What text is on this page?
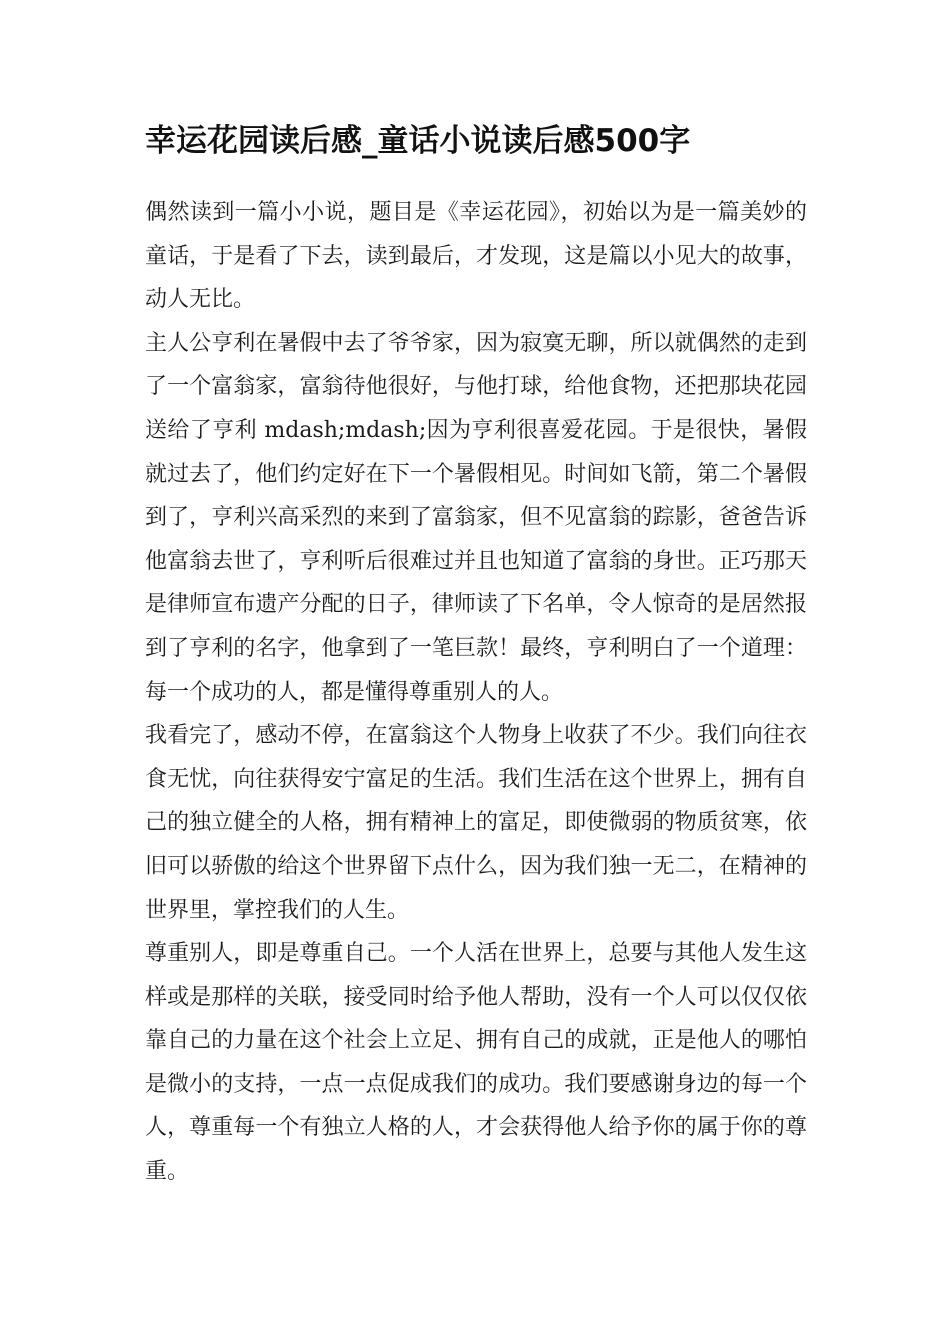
幸运花园读后感_童话小说读后感500字

偶然读到一篇小小说，题目是《幸运花园》，初始以为是一篇美妙的童话，于是看了下去，读到最后，才发现，这是篇以小见大的故事，动人无比。

主人公亨利在暑假中去了爷爷家，因为寂寞无聊，所以就偶然的走到了一个富翁家，富翁待他很好，与他打球，给他食物，还把那块花园送给了亨利 mdash;mdash;因为亨利很喜爱花园。于是很快，暑假就过去了，他们约定好在下一个暑假相见。时间如飞箭，第二个暑假到了，亨利兴高采烈的来到了富翁家，但不见富翁的踪影，爸爸告诉他富翁去世了，亨利听后很难过并且也知道了富翁的身世。正巧那天是律师宣布遗产分配的日子，律师读了下名单，令人惊奇的是居然报到了亨利的名字，他拿到了一笔巨款！最终，亨利明白了一个道理：每一个成功的人，都是懂得尊重别人的人。

我看完了，感动不停，在富翁这个人物身上收获了不少。我们向往衣食无忧，向往获得安宁富足的生活。我们生活在这个世界上，拥有自己的独立健全的人格，拥有精神上的富足，即使微弱的物质贫寒，依旧可以骄傲的给这个世界留下点什么，因为我们独一无二，在精神的世界里，掌控我们的人生。

尊重别人，即是尊重自己。一个人活在世界上，总要与其他人发生这样或是那样的关联，接受同时给予他人帮助，没有一个人可以仅仅依靠自己的力量在这个社会上立足、拥有自己的成就，正是他人的哪怕是微小的支持，一点一点促成我们的成功。我们要感谢身边的每一个人，尊重每一个有独立人格的人，才会获得他人给予你的属于你的尊重。
